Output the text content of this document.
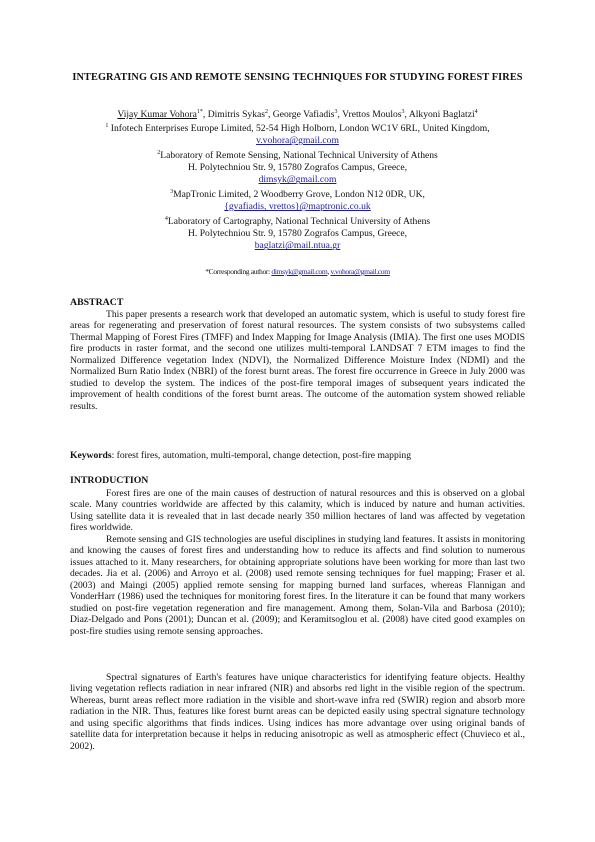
INTEGRATING GIS AND REMOTE SENSING TECHNIQUES FOR STUDYING FOREST FIRES
Vijay Kumar Vohora$^{1*}$, Dimitris Sykas$^2$, George Vafiadis$^3$, Vrettos Moulos$^3$, Alkyoni Baglatzi$^4$
$^1$ Infotech Enterprises Europe Limited, 52-54 High Holborn, London WC1V 6RL, United Kingdom,
v.vohora@gmail.com
$^2$Laboratory of Remote Sensing, National Technical University of Athens
H. Polytechniou Str. 9, 15780 Zografos Campus, Greece,
dimsyk@gmail.com
$^3$MapTronic Limited, 2 Woodberry Grove, London N12 0DR, UK,
{gvafiadis, vrettos}@maptronic.co.uk
$^4$Laboratory of Cartography, National Technical University of Athens
H. Polytechniou Str. 9, 15780 Zografos Campus, Greece,
baglatzi@mail.ntua.gr
*Corresponding author: dimsyk@gmail.com, v.vohora@gmail.com
ABSTRACT

This paper presents a research work that developed an automatic system, which is useful to study forest fire areas for regenerating and preservation of forest natural resources. The system consists of two subsystems called Thermal Mapping of Forest Fires (TMFF) and Index Mapping for Image Analysis (IMIA). The first one uses MODIS fire products in raster format, and the second one utilizes multi-temporal LANDSAT 7 ETM images to find the Normalized Difference vegetation Index (NDVI), the Normalized Difference Moisture Index (NDMI) and the Normalized Burn Ratio Index (NBRI) of the forest burnt areas. The forest fire occurrence in Greece in July 2000 was studied to develop the system. The indices of the post-fire temporal images of subsequent years indicated the improvement of health conditions of the forest burnt areas. The outcome of the automation system showed reliable results.

Keywords: forest fires, automation, multi-temporal, change detection, post-fire mapping
INTRODUCTION

Forest fires are one of the main causes of destruction of natural resources and this is observed on a global scale. Many countries worldwide are affected by this calamity, which is induced by nature and human activities. Using satellite data it is revealed that in last decade nearly 350 million hectares of land was affected by vegetation fires worldwide.

Remote sensing and GIS technologies are useful disciplines in studying land features. It assists in monitoring and knowing the causes of forest fires and understanding how to reduce its affects and find solution to numerous issues attached to it. Many researchers, for obtaining appropriate solutions have been working for more than last two decades. Jia et al. (2006) and Arroyo et al. (2008) used remote sensing techniques for fuel mapping; Fraser et al. (2003) and Maingi (2005) applied remote sensing for mapping burned land surfaces, whereas Flannigan and VonderHarr (1986) used the techniques for monitoring forest fires. In the literature it can be found that many workers studied on post-fire vegetation regeneration and fire management. Among them, Solan-Vila and Barbosa (2010); Diaz-Delgado and Pons (2001); Duncan et al. (2009); and Keramitsoglou et al. (2008) have cited good examples on post-fire studies using remote sensing approaches.

Spectral signatures of Earth's features have unique characteristics for identifying feature objects. Healthy living vegetation reflects radiation in near infrared (NIR) and absorbs red light in the visible region of the spectrum. Whereas, burnt areas reflect more radiation in the visible and short-wave infra red (SWIR) region and absorb more radiation in the NIR. Thus, features like forest burnt areas can be depicted easily using spectral signature technology and using specific algorithms that finds indices. Using indices has more advantage over using original bands of satellite data for interpretation because it helps in reducing anisotropic as well as atmospheric effect (Chuvieco et al., 2002).
